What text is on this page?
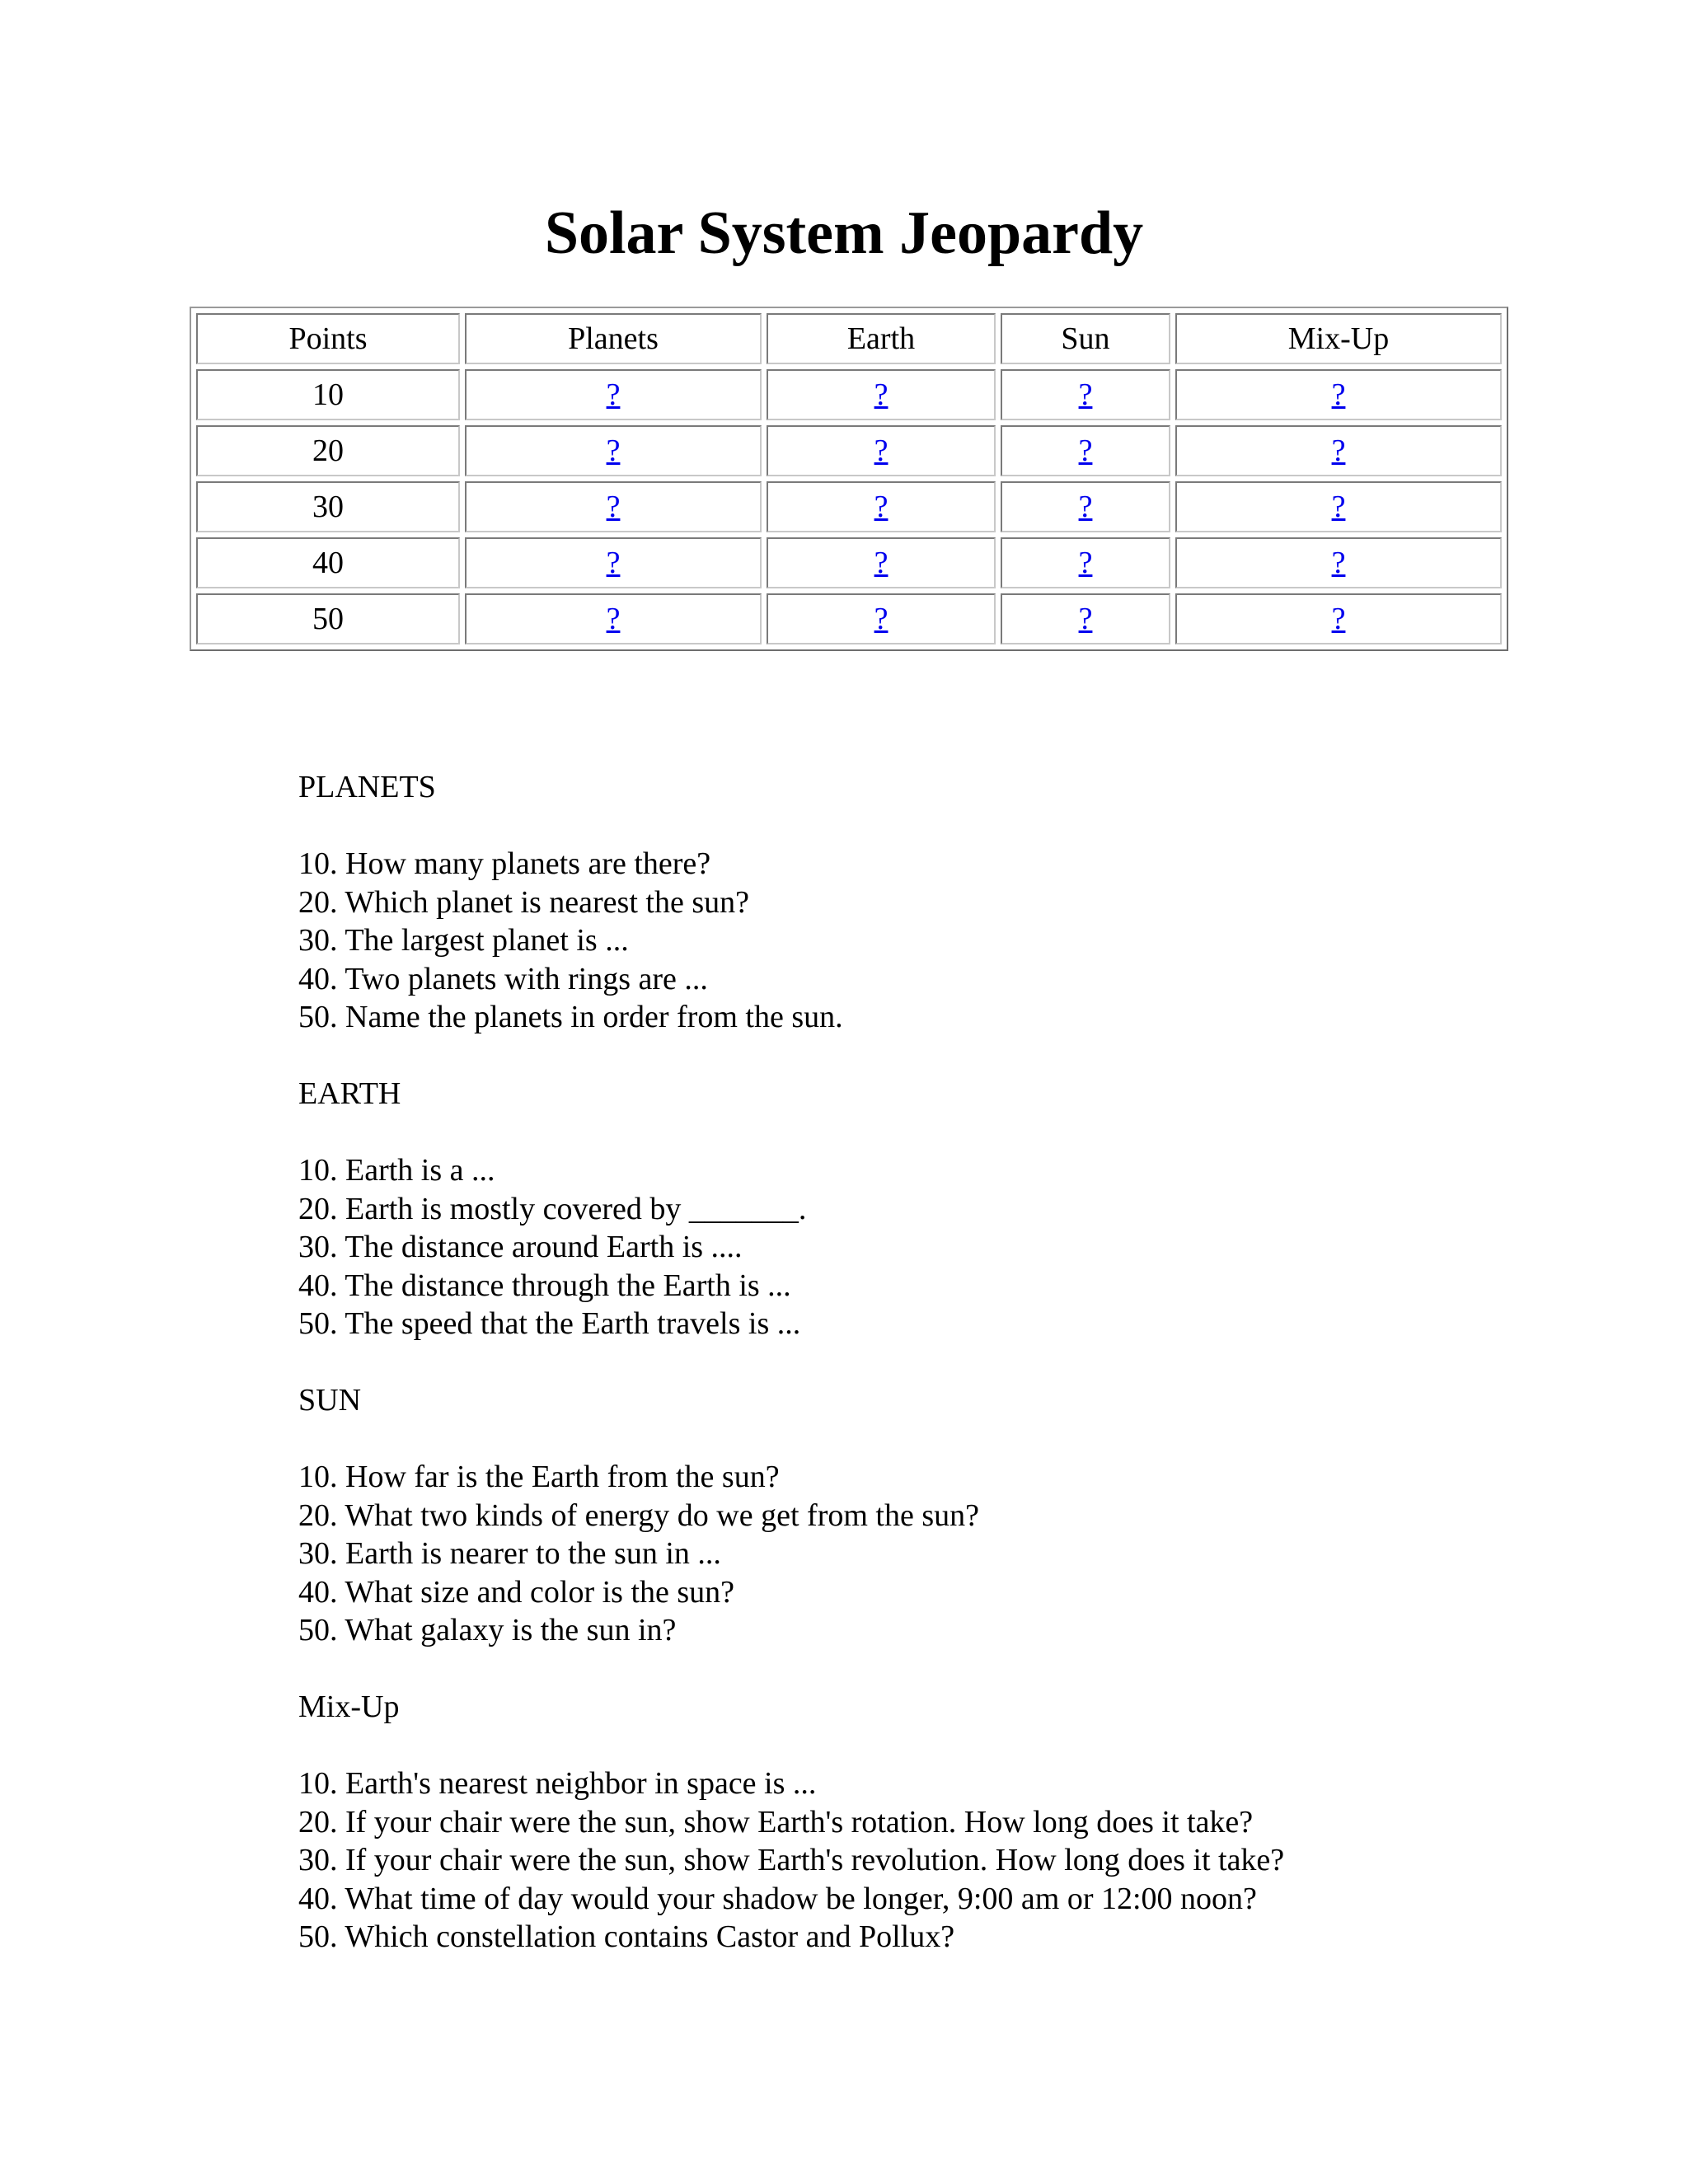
Solar System Jeopardy
Points	Planets	Earth	Sun	Mix-Up
10	?	?	?	?
20	?	?	?	?
30	?	?	?	?
40	?	?	?	?
50	?	?	?	?

PLANETS

10. How many planets are there?
20. Which planet is nearest the sun?
30. The largest planet is ...
40. Two planets with rings are ...
50. Name the planets in order from the sun.

EARTH

10. Earth is a ...
20. Earth is mostly covered by _______.
30. The distance around Earth is ....
40. The distance through the Earth is ...
50. The speed that the Earth travels is ...

SUN

10. How far is the Earth from the sun?
20. What two kinds of energy do we get from the sun?
30. Earth is nearer to the sun in ...
40. What size and color is the sun?
50. What galaxy is the sun in?

Mix-Up

10. Earth's nearest neighbor in space is ...
20. If your chair were the sun, show Earth's rotation. How long does it take?
30. If your chair were the sun, show Earth's revolution. How long does it take?
40. What time of day would your shadow be longer, 9:00 am or 12:00 noon?
50. Which constellation contains Castor and Pollux?
